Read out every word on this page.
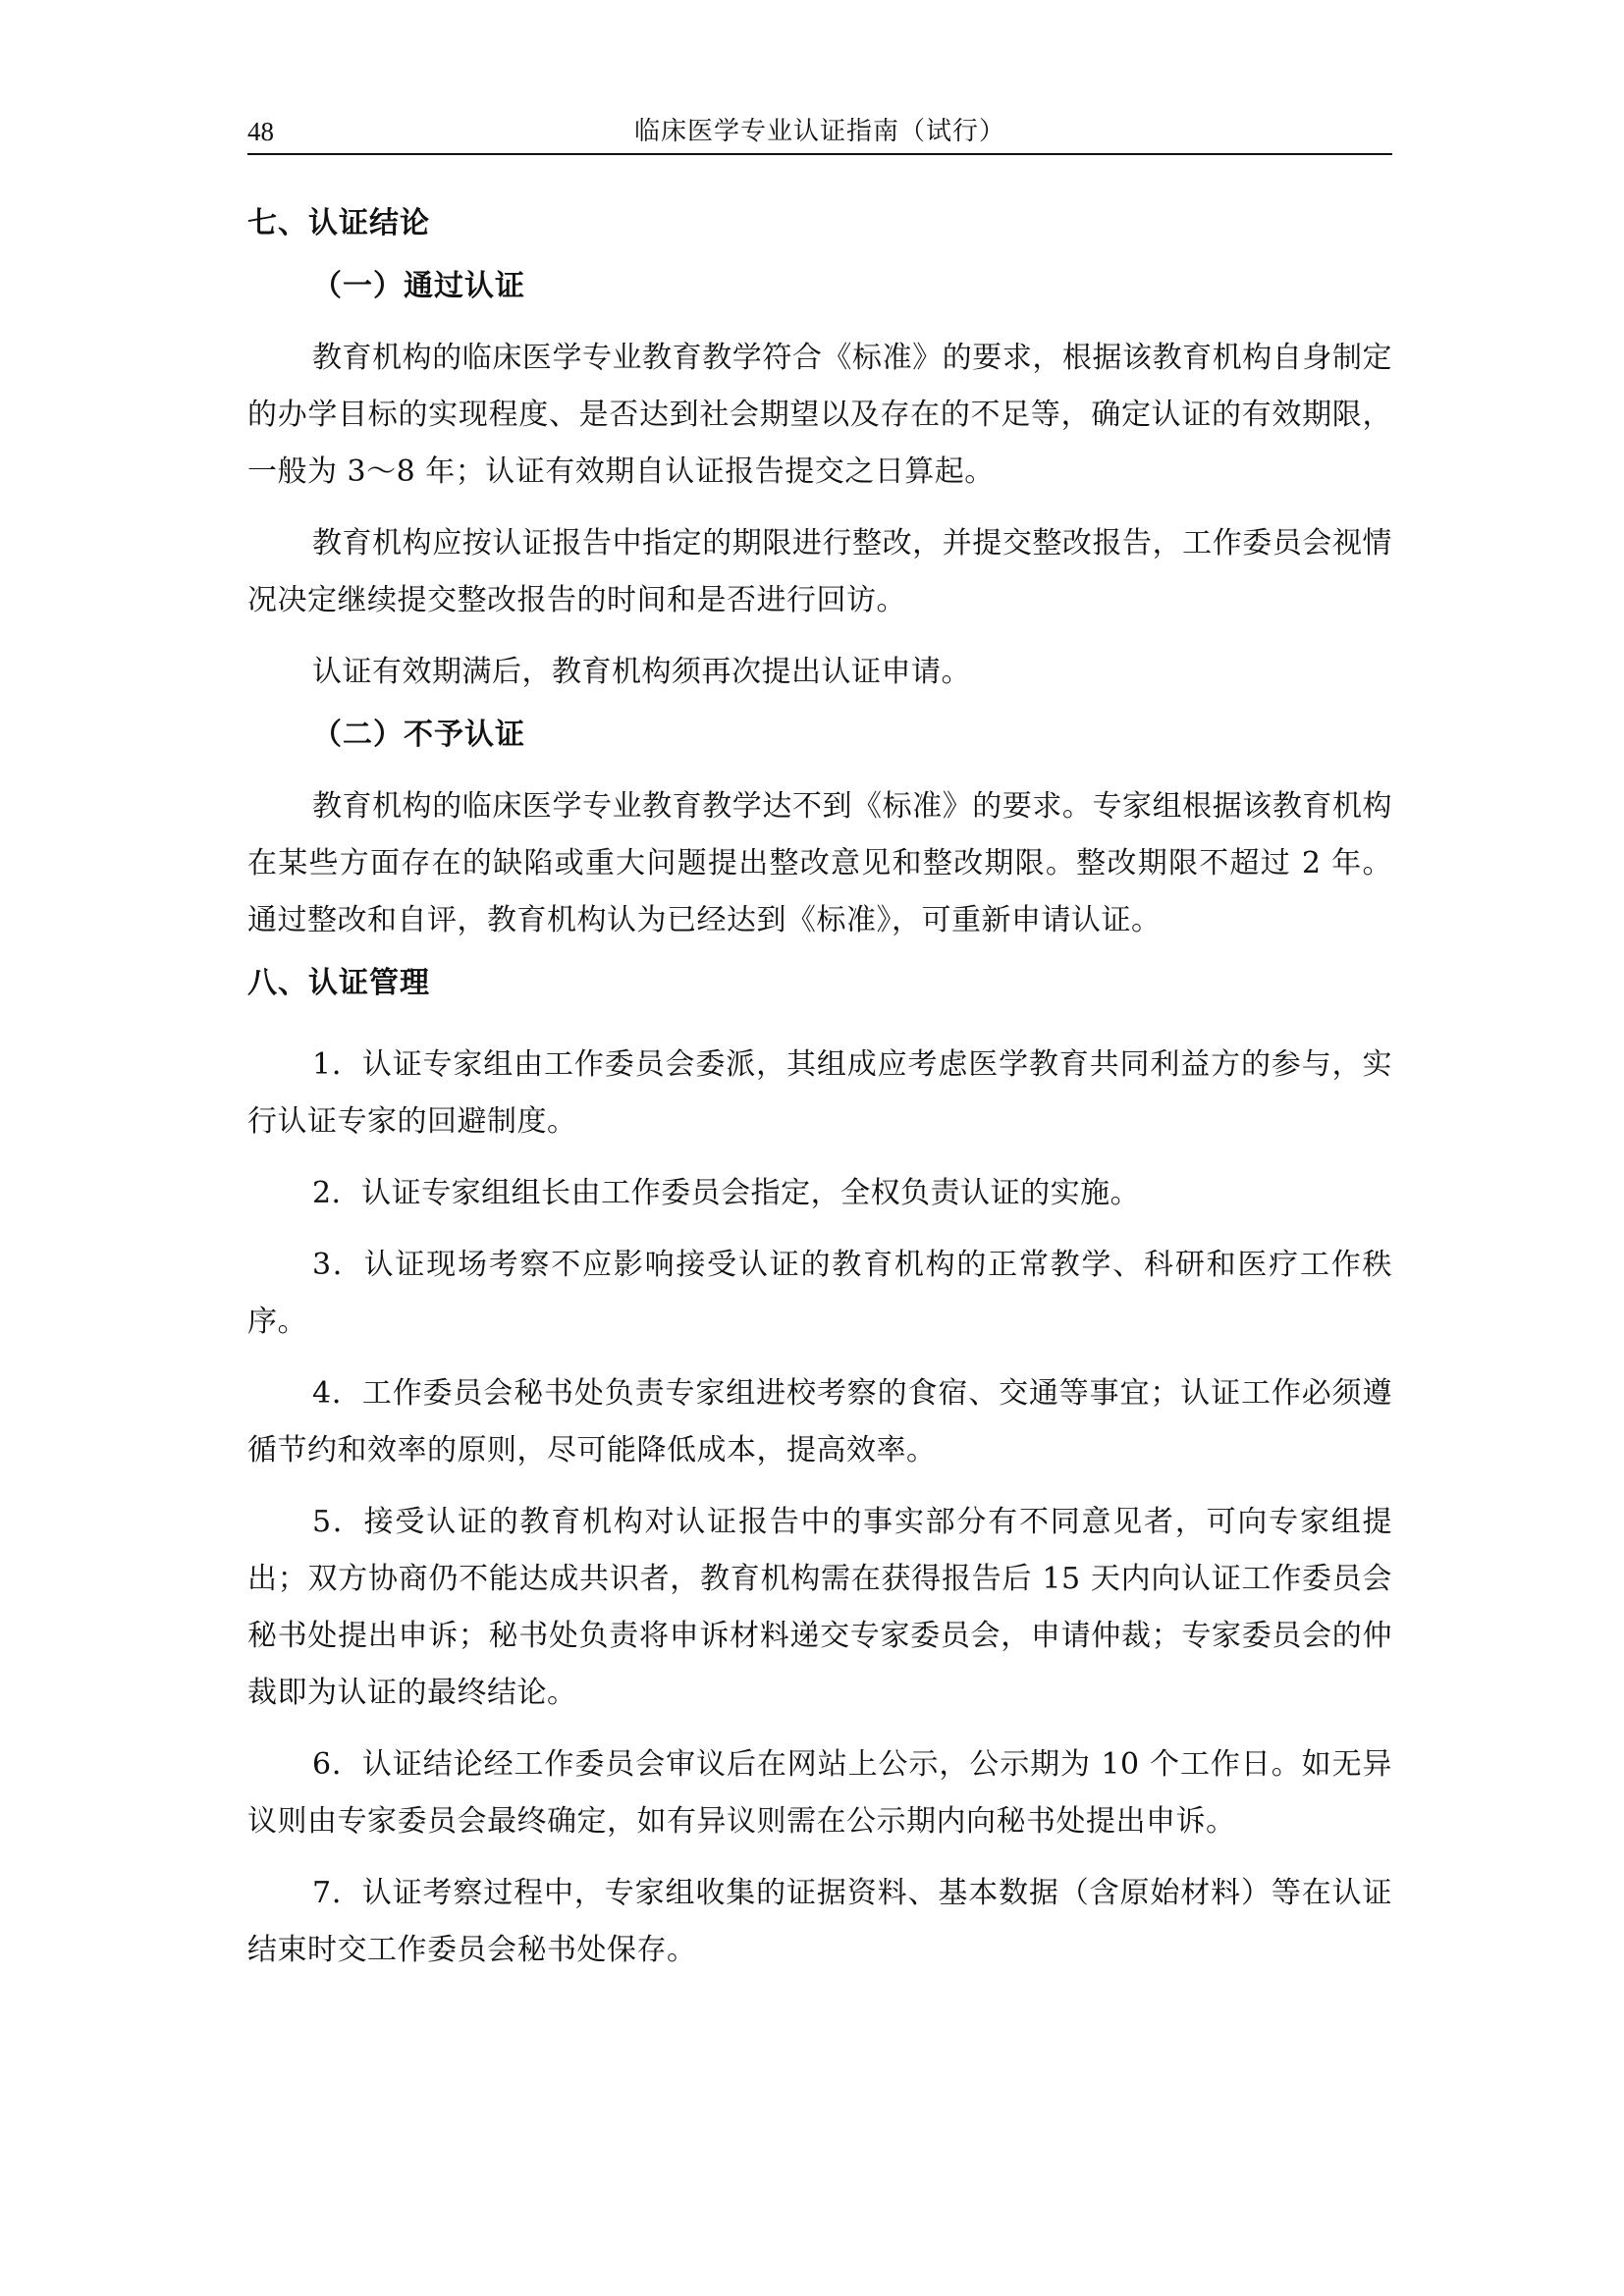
48	临床医学专业认证指南（试行）
七、认证结论
（一）通过认证

教育机构的临床医学专业教育教学符合《标准》的要求，根据该教育机构自身制定的办学目标的实现程度、是否达到社会期望以及存在的不足等，确定认证的有效期限，一般为 3～8 年；认证有效期自认证报告提交之日算起。

教育机构应按认证报告中指定的期限进行整改，并提交整改报告，工作委员会视情况决定继续提交整改报告的时间和是否进行回访。

认证有效期满后，教育机构须再次提出认证申请。

（二）不予认证

教育机构的临床医学专业教育教学达不到《标准》的要求。专家组根据该教育机构在某些方面存在的缺陷或重大问题提出整改意见和整改期限。整改期限不超过 2 年。通过整改和自评，教育机构认为已经达到《标准》，可重新申请认证。

八、认证管理

1．认证专家组由工作委员会委派，其组成应考虑医学教育共同利益方的参与，实行认证专家的回避制度。

2．认证专家组组长由工作委员会指定，全权负责认证的实施。

3．认证现场考察不应影响接受认证的教育机构的正常教学、科研和医疗工作秩序。

4．工作委员会秘书处负责专家组进校考察的食宿、交通等事宜；认证工作必须遵循节约和效率的原则，尽可能降低成本，提高效率。

5．接受认证的教育机构对认证报告中的事实部分有不同意见者，可向专家组提出；双方协商仍不能达成共识者，教育机构需在获得报告后 15 天内向认证工作委员会秘书处提出申诉；秘书处负责将申诉材料递交专家委员会，申请仲裁；专家委员会的仲裁即为认证的最终结论。

6．认证结论经工作委员会审议后在网站上公示，公示期为 10 个工作日。如无异议则由专家委员会最终确定，如有异议则需在公示期内向秘书处提出申诉。

7．认证考察过程中，专家组收集的证据资料、基本数据（含原始材料）等在认证结束时交工作委员会秘书处保存。
